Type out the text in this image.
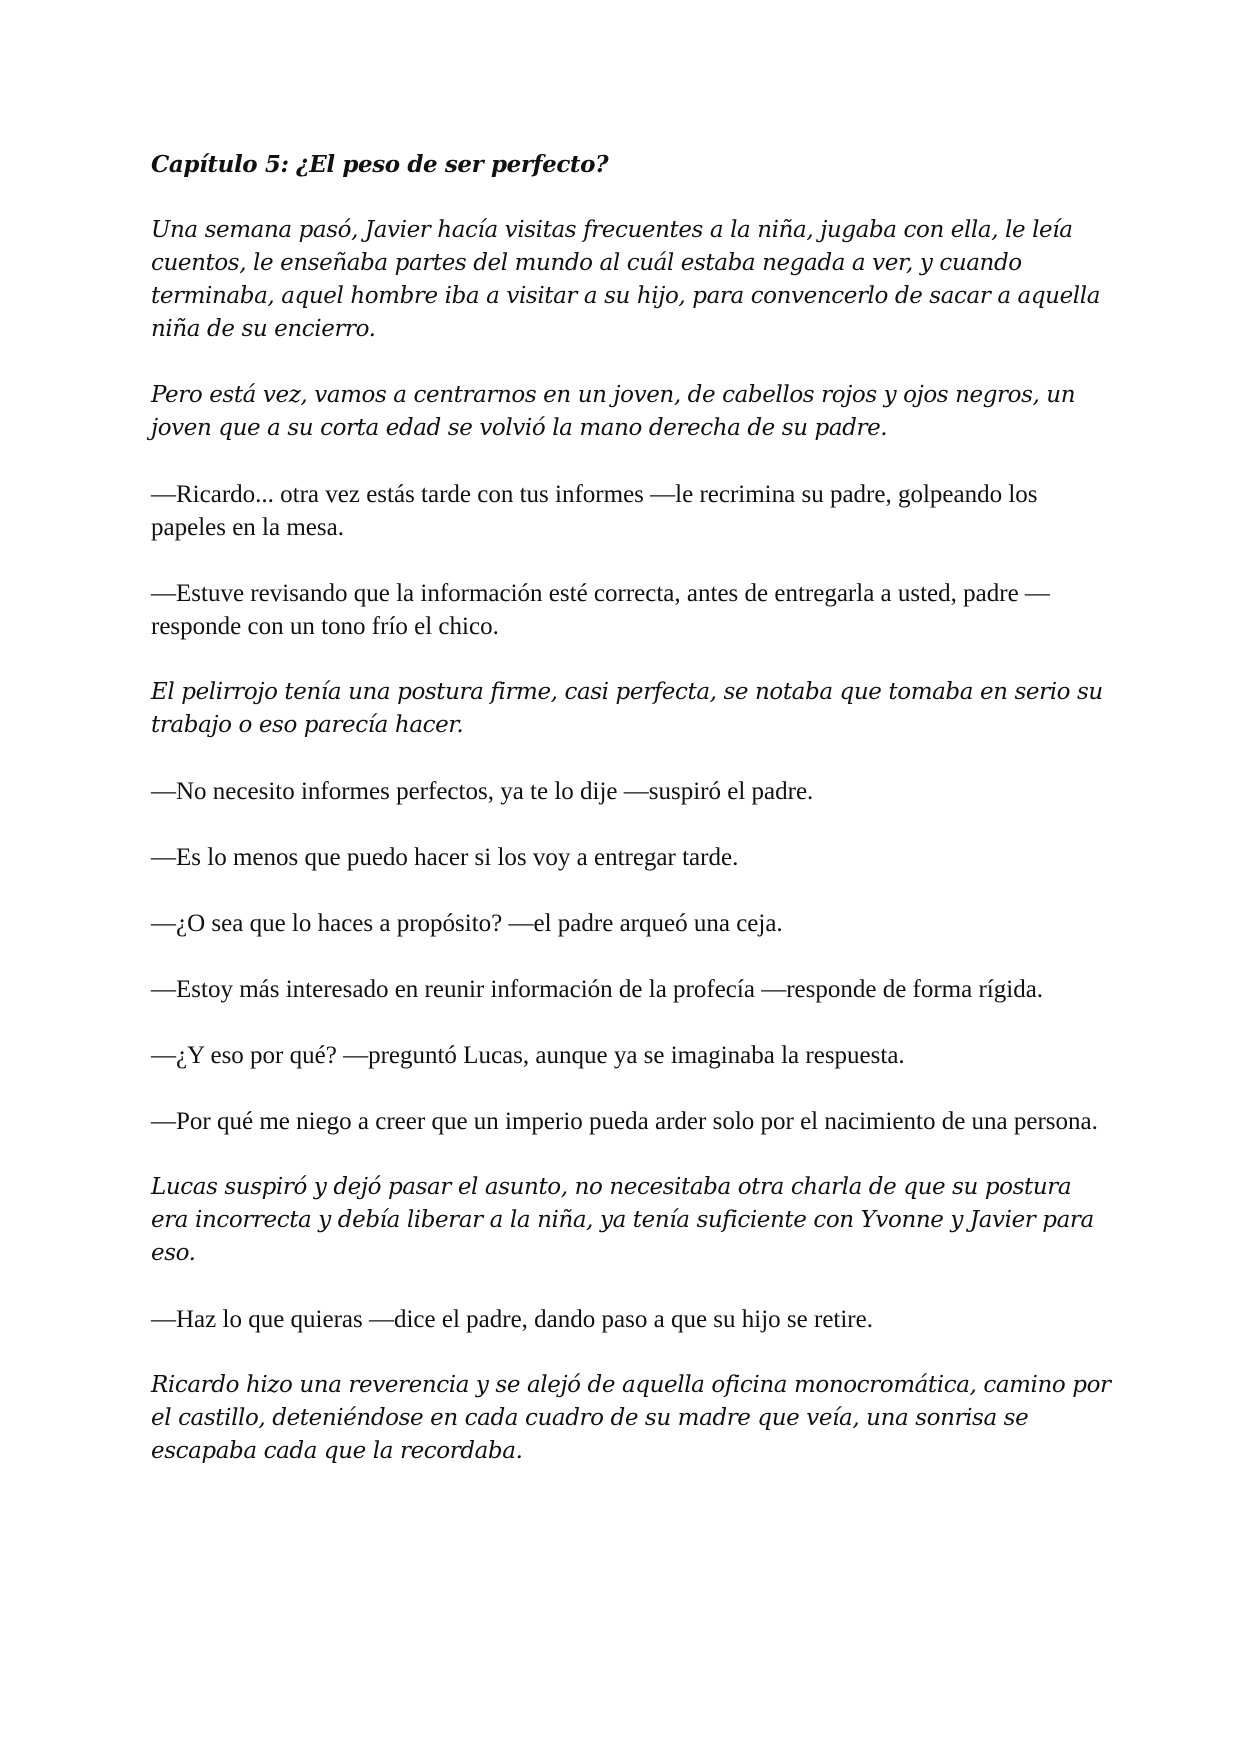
Capítulo 5: ¿El peso de ser perfecto?

Una semana pasó, Javier hacía visitas frecuentes a la niña, jugaba con ella, le leía cuentos, le enseñaba partes del mundo al cuál estaba negada a ver, y cuando terminaba, aquel hombre iba a visitar a su hijo, para convencerlo de sacar a aquella niña de su encierro.

Pero está vez, vamos a centrarnos en un joven, de cabellos rojos y ojos negros, un joven que a su corta edad se volvió la mano derecha de su padre.

—Ricardo... otra vez estás tarde con tus informes —le recrimina su padre, golpeando los papeles en la mesa.

—Estuve revisando que la información esté correcta, antes de entregarla a usted, padre —responde con un tono frío el chico.

El pelirrojo tenía una postura firme, casi perfecta, se notaba que tomaba en serio su trabajo o eso parecía hacer.

—No necesito informes perfectos, ya te lo dije —suspiró el padre.

—Es lo menos que puedo hacer si los voy a entregar tarde.

—¿O sea que lo haces a propósito? —el padre arqueó una ceja.

—Estoy más interesado en reunir información de la profecía —responde de forma rígida.

—¿Y eso por qué? —preguntó Lucas, aunque ya se imaginaba la respuesta.

—Por qué me niego a creer que un imperio pueda arder solo por el nacimiento de una persona.

Lucas suspiró y dejó pasar el asunto, no necesitaba otra charla de que su postura era incorrecta y debía liberar a la niña, ya tenía suficiente con Yvonne y Javier para eso.

—Haz lo que quieras —dice el padre, dando paso a que su hijo se retire.

Ricardo hizo una reverencia y se alejó de aquella oficina monocromática, camino por el castillo, deteniéndose en cada cuadro de su madre que veía, una sonrisa se escapaba cada que la recordaba.
